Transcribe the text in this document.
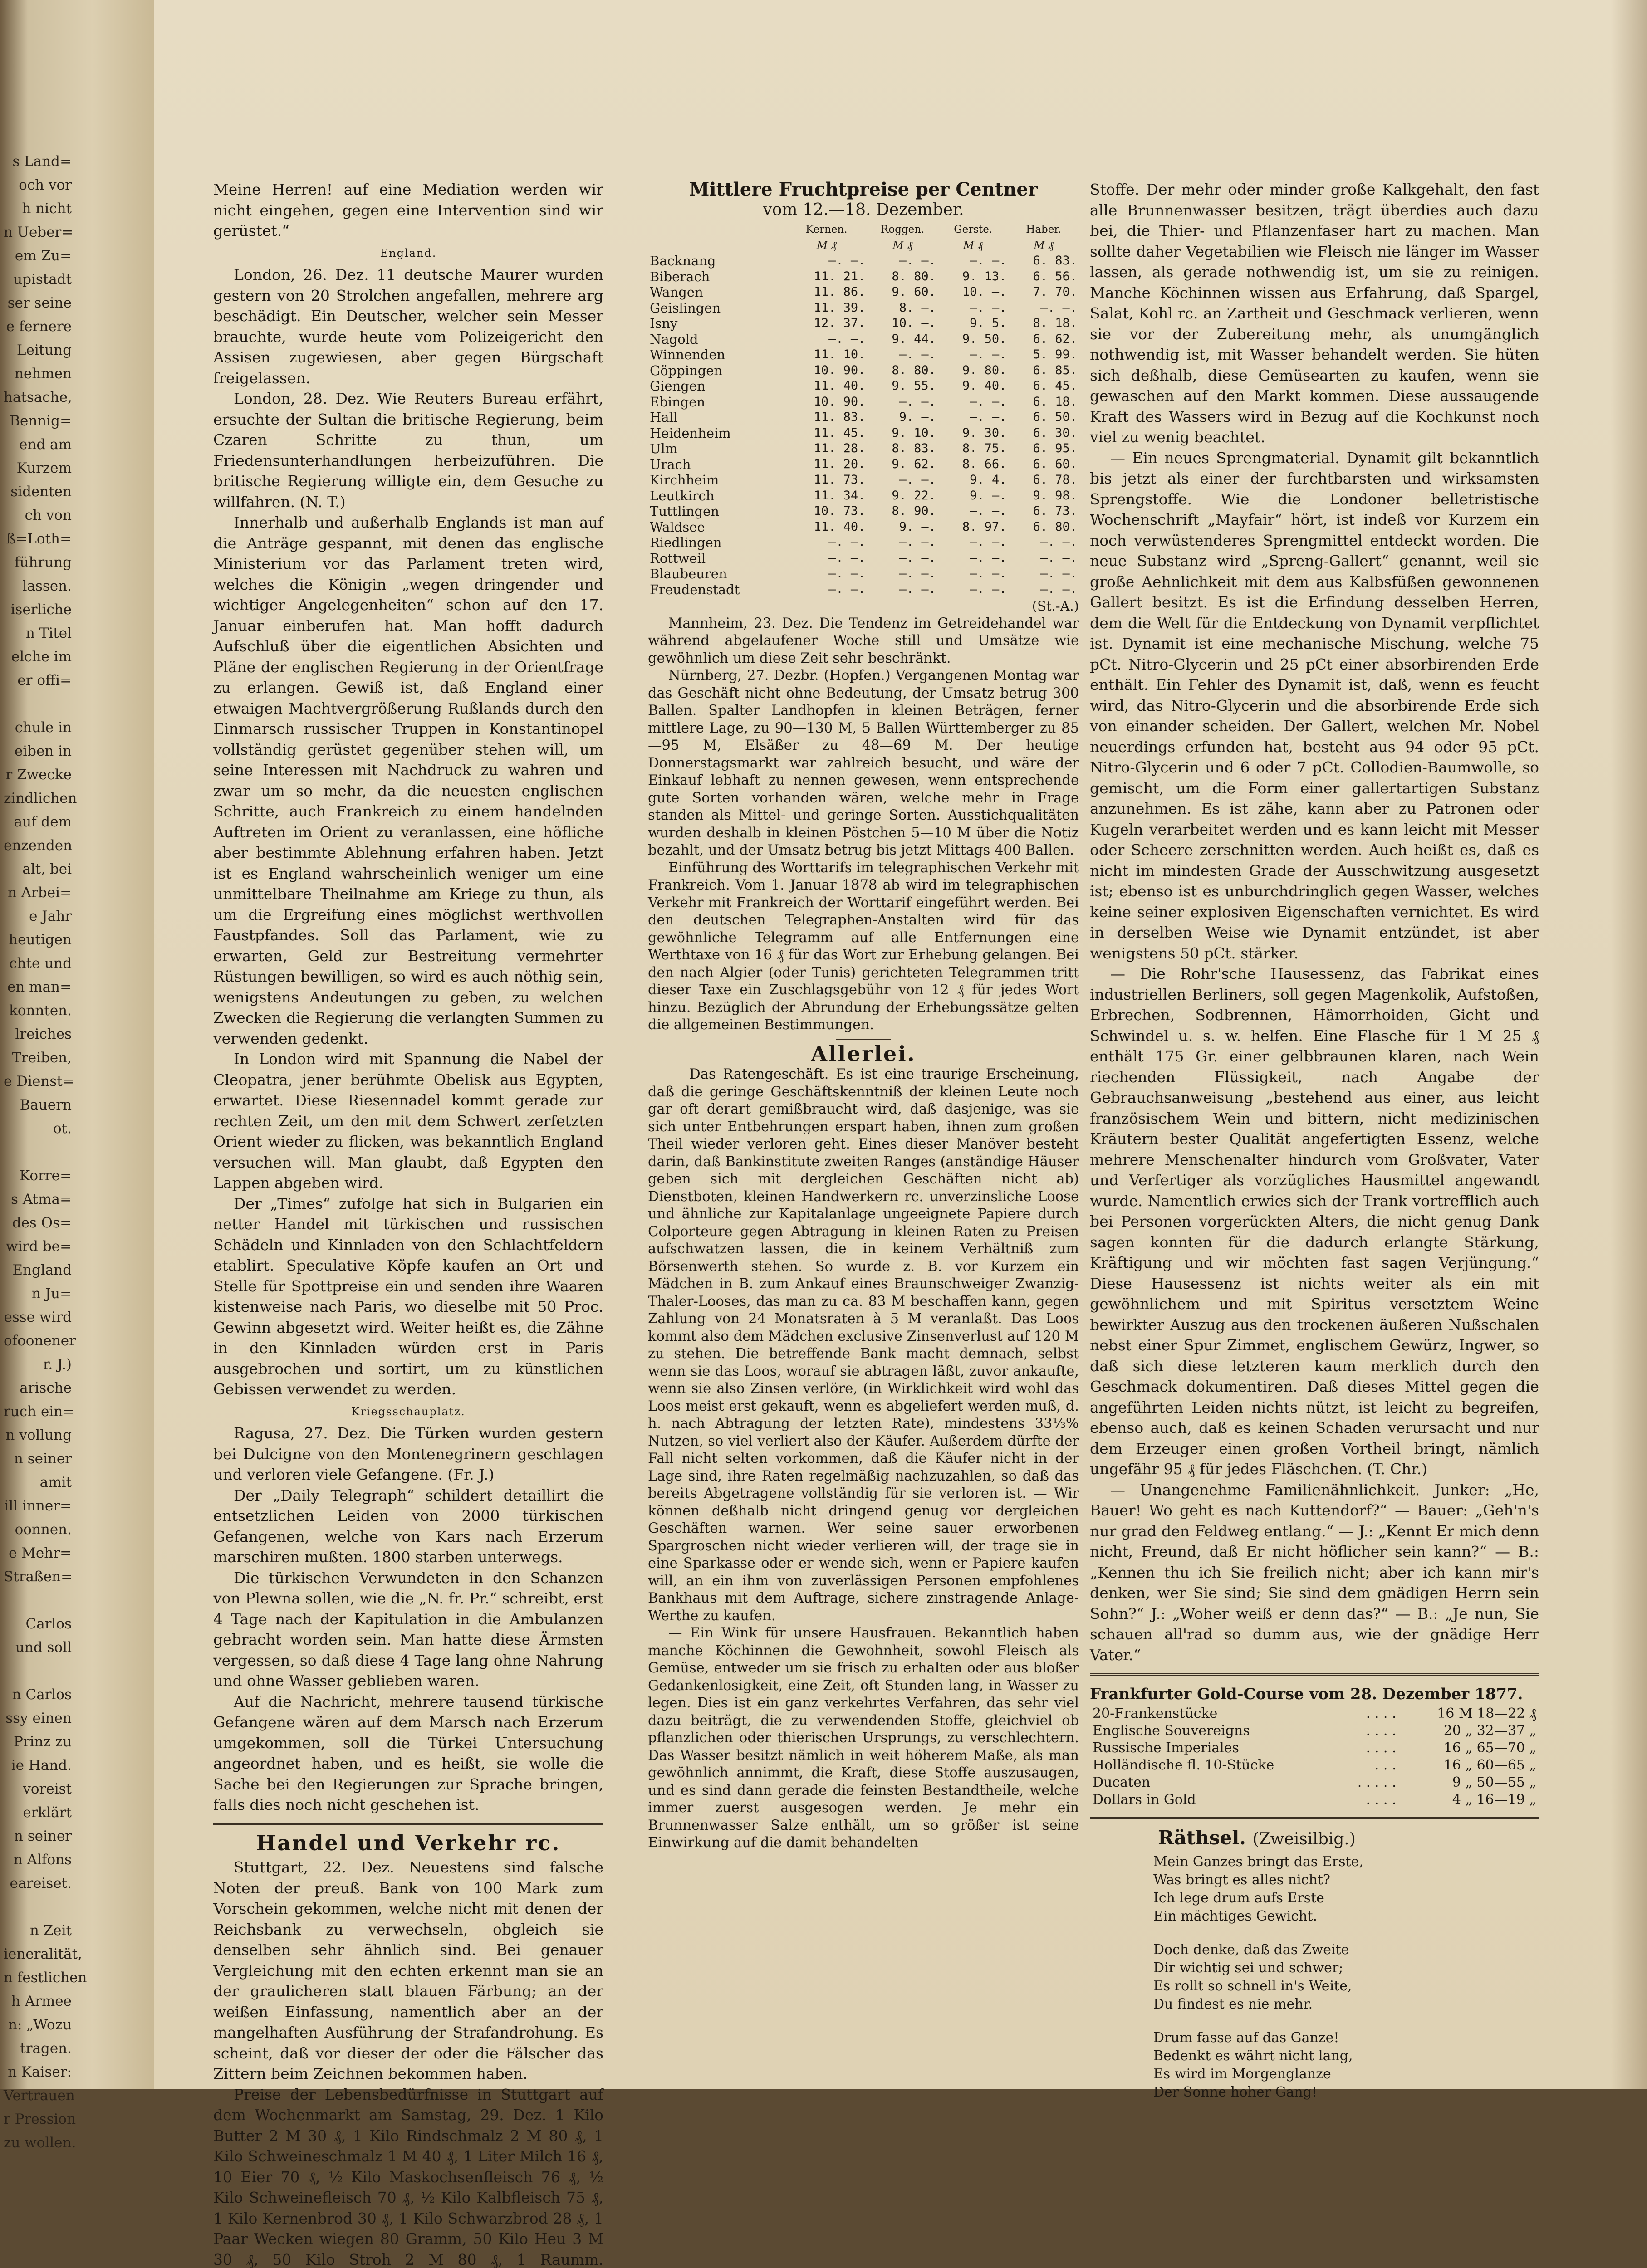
s Land=
och vor
h nicht
n Ueber=
em Zu=
upistadt
ser seine
e fernere
Leitung
nehmen
hatsache,
Bennig=
end am
Kurzem
sidenten
ch von
ß=Loth=
führung
lassen.
iserliche
n Titel
elche im
er offi=

chule in
eiben in
r Zwecke
zindlichen
auf dem
enzenden
alt, bei
n Arbei=
e Jahr
heutigen
chte und
en man=
konnten.
lreiches
Treiben,
e Dienst=
Bauern
ot.

Korre=
s Atma=
des Os=
wird be=
England
n Ju=
esse wird
ofoonener
r. J.)
arische
ruch ein=
n vollung
n seiner
amit
ill inner=
oonnen.
e Mehr=
Straßen=

Carlos
und soll

n Carlos
ssy einen
Prinz zu
ie Hand.
voreist
erklärt
n seiner
n Alfons
eareiset.

n Zeit
ieneralität,
n festlichen
h Armee
n: „Wozu
tragen.
n Kaiser:
Vertrauen
r Pression
zu wollen.

Meine Herren! auf eine Mediation werden wir nicht eingehen, gegen eine Intervention sind wir gerüstet.“

England.

London, 26. Dez. 11 deutsche Maurer wurden gestern von 20 Strolchen angefallen, mehrere arg beschädigt. Ein Deutscher, welcher sein Messer brauchte, wurde heute vom Polizeigericht den Assisen zugewiesen, aber gegen Bürgschaft freigelassen.

London, 28. Dez. Wie Reuters Bureau erfährt, ersuchte der Sultan die britische Regierung, beim Czaren Schritte zu thun, um Friedensunterhandlungen herbeizuführen. Die britische Regierung willigte ein, dem Gesuche zu willfahren. (N. T.)

Innerhalb und außerhalb Englands ist man auf die Anträge gespannt, mit denen das englische Ministerium vor das Parlament treten wird, welches die Königin „wegen dringender und wichtiger Angelegenheiten“ schon auf den 17. Januar einberufen hat. Man hofft dadurch Aufschluß über die eigentlichen Absichten und Pläne der englischen Regierung in der Orientfrage zu erlangen. Gewiß ist, daß England einer etwaigen Machtvergrößerung Rußlands durch den Einmarsch russischer Truppen in Konstantinopel vollständig gerüstet gegenüber stehen will, um seine Interessen mit Nachdruck zu wahren und zwar um so mehr, da die neuesten englischen Schritte, auch Frankreich zu einem handelnden Auftreten im Orient zu veranlassen, eine höfliche aber bestimmte Ablehnung erfahren haben. Jetzt ist es England wahrscheinlich weniger um eine unmittelbare Theilnahme am Kriege zu thun, als um die Ergreifung eines möglichst werthvollen Faustpfandes. Soll das Parlament, wie zu erwarten, Geld zur Bestreitung vermehrter Rüstungen bewilligen, so wird es auch nöthig sein, wenigstens Andeutungen zu geben, zu welchen Zwecken die Regierung die verlangten Summen zu verwenden gedenkt.

In London wird mit Spannung die Nabel der Cleopatra, jener berühmte Obelisk aus Egypten, erwartet. Diese Riesennadel kommt gerade zur rechten Zeit, um den mit dem Schwert zerfetzten Orient wieder zu flicken, was bekanntlich England versuchen will. Man glaubt, daß Egypten den Lappen abgeben wird.

Der „Times“ zufolge hat sich in Bulgarien ein netter Handel mit türkischen und russischen Schädeln und Kinnladen von den Schlachtfeldern etablirt. Speculative Köpfe kaufen an Ort und Stelle für Spottpreise ein und senden ihre Waaren kistenweise nach Paris, wo dieselbe mit 50 Proc. Gewinn abgesetzt wird. Weiter heißt es, die Zähne in den Kinnladen würden erst in Paris ausgebrochen und sortirt, um zu künstlichen Gebissen verwendet zu werden.

Kriegsschauplatz.

Ragusa, 27. Dez. Die Türken wurden gestern bei Dulcigne von den Montenegrinern geschlagen und verloren viele Gefangene. (Fr. J.)

Der „Daily Telegraph“ schildert detaillirt die entsetzlichen Leiden von 2000 türkischen Gefangenen, welche von Kars nach Erzerum marschiren mußten. 1800 starben unterwegs.

Die türkischen Verwundeten in den Schanzen von Plewna sollen, wie die „N. fr. Pr.“ schreibt, erst 4 Tage nach der Kapitulation in die Ambulanzen gebracht worden sein. Man hatte diese Ärmsten vergessen, so daß diese 4 Tage lang ohne Nahrung und ohne Wasser geblieben waren.

Auf die Nachricht, mehrere tausend türkische Gefangene wären auf dem Marsch nach Erzerum umgekommen, soll die Türkei Untersuchung angeordnet haben, und es heißt, sie wolle die Sache bei den Regierungen zur Sprache bringen, falls dies noch nicht geschehen ist.

Handel und Verkehr rc.

Stuttgart, 22. Dez. Neuestens sind falsche Noten der preuß. Bank von 100 Mark zum Vorschein gekommen, welche nicht mit denen der Reichsbank zu verwechseln, obgleich sie denselben sehr ähnlich sind. Bei genauer Vergleichung mit den echten erkennt man sie an der graulicheren statt blauen Färbung; an der weißen Einfassung, namentlich aber an der mangelhaften Ausführung der Strafandrohung. Es scheint, daß vor dieser der oder die Fälscher das Zittern beim Zeichnen bekommen haben.

Preise der Lebensbedürfnisse in Stuttgart auf dem Wochenmarkt am Samstag, 29. Dez. 1 Kilo Butter 2 M 30 ₰, 1 Kilo Rindschmalz 2 M 80 ₰, 1 Kilo Schweineschmalz 1 M 40 ₰, 1 Liter Milch 16 ₰, 10 Eier 70 ₰, ½ Kilo Maskochsenfleisch 76 ₰, ½ Kilo Schweinefleisch 70 ₰, ½ Kilo Kalbfleisch 75 ₰, 1 Kilo Kernenbrod 30 ₰, 1 Kilo Schwarzbrod 28 ₰, 1 Paar Wecken wiegen 80 Gramm, 50 Kilo Heu 3 M 30 ₰, 50 Kilo Stroh 2 M 80 ₰, 1 Raumm.

Mittlere Fruchtpreise per Centner
vom 12.—18. Dezember.
	Kernen.	Roggen.	Gerste.	Haber.
	M ₰	M ₰	M ₰	M ₰
Backnang	—. —.	—. —.	—. —.	6. 83.
Biberach	11. 21.	8. 80.	9. 13.	6. 56.
Wangen	11. 86.	9. 60.	10. —.	7. 70.
Geislingen	11. 39.	8. —.	—. —.	—. —.
Isny	12. 37.	10. —.	9. 5.	8. 18.
Nagold	—. —.	9. 44.	9. 50.	6. 62.
Winnenden	11. 10.	—. —.	—. —.	5. 99.
Göppingen	10. 90.	8. 80.	9. 80.	6. 85.
Giengen	11. 40.	9. 55.	9. 40.	6. 45.
Ebingen	10. 90.	—. —.	—. —.	6. 18.
Hall	11. 83.	9. —.	—. —.	6. 50.
Heidenheim	11. 45.	9. 10.	9. 30.	6. 30.
Ulm	11. 28.	8. 83.	8. 75.	6. 95.
Urach	11. 20.	9. 62.	8. 66.	6. 60.
Kirchheim	11. 73.	—. —.	9. 4.	6. 78.
Leutkirch	11. 34.	9. 22.	9. —.	9. 98.
Tuttlingen	10. 73.	8. 90.	—. —.	6. 73.
Waldsee	11. 40.	9. —.	8. 97.	6. 80.
Riedlingen	—. —.	—. —.	—. —.	—. —.
Rottweil	—. —.	—. —.	—. —.	—. —.
Blaubeuren	—. —.	—. —.	—. —.	—. —.
Freudenstadt	—. —.	—. —.	—. —.	—. —.
(St.-A.)

Mannheim, 23. Dez. Die Tendenz im Getreidehandel war während abgelaufener Woche still und Umsätze wie gewöhnlich um diese Zeit sehr beschränkt.

Nürnberg, 27. Dezbr. (Hopfen.) Vergangenen Montag war das Geschäft nicht ohne Bedeutung, der Umsatz betrug 300 Ballen. Spalter Landhopfen in kleinen Beträgen, ferner mittlere Lage, zu 90—130 M, 5 Ballen Württemberger zu 85—95 M, Elsäßer zu 48—69 M. Der heutige Donnerstagsmarkt war zahlreich besucht, und wäre der Einkauf lebhaft zu nennen gewesen, wenn entsprechende gute Sorten vorhanden wären, welche mehr in Frage standen als Mittel- und geringe Sorten. Ausstichqualitäten wurden deshalb in kleinen Pöstchen 5—10 M über die Notiz bezahlt, und der Umsatz betrug bis jetzt Mittags 400 Ballen.

Einführung des Worttarifs im telegraphischen Verkehr mit Frankreich. Vom 1. Januar 1878 ab wird im telegraphischen Verkehr mit Frankreich der Worttarif eingeführt werden. Bei den deutschen Telegraphen-Anstalten wird für das gewöhnliche Telegramm auf alle Entfernungen eine Werthtaxe von 16 ₰ für das Wort zur Erhebung gelangen. Bei den nach Algier (oder Tunis) gerichteten Telegrammen tritt dieser Taxe ein Zuschlagsgebühr von 12 ₰ für jedes Wort hinzu. Bezüglich der Abrundung der Erhebungssätze gelten die allgemeinen Bestimmungen.

Allerlei.

— Das Ratengeschäft. Es ist eine traurige Erscheinung, daß die geringe Geschäftskenntniß der kleinen Leute noch gar oft derart gemißbraucht wird, daß dasjenige, was sie sich unter Entbehrungen erspart haben, ihnen zum großen Theil wieder verloren geht. Eines dieser Manöver besteht darin, daß Bankinstitute zweiten Ranges (anständige Häuser geben sich mit dergleichen Geschäften nicht ab) Dienstboten, kleinen Handwerkern rc. unverzinsliche Loose und ähnliche zur Kapitalanlage ungeeignete Papiere durch Colporteure gegen Abtragung in kleinen Raten zu Preisen aufschwatzen lassen, die in keinem Verhältniß zum Börsenwerth stehen. So wurde z. B. vor Kurzem ein Mädchen in B. zum Ankauf eines Braunschweiger Zwanzig-Thaler-Looses, das man zu ca. 83 M beschaffen kann, gegen Zahlung von 24 Monatsraten à 5 M veranlaßt. Das Loos kommt also dem Mädchen exclusive Zinsenverlust auf 120 M zu stehen. Die betreffende Bank macht demnach, selbst wenn sie das Loos, worauf sie abtragen läßt, zuvor ankaufte, wenn sie also Zinsen verlöre, (in Wirklichkeit wird wohl das Loos meist erst gekauft, wenn es abgeliefert werden muß, d. h. nach Abtragung der letzten Rate), mindestens 33⅓% Nutzen, so viel verliert also der Käufer. Außerdem dürfte der Fall nicht selten vorkommen, daß die Käufer nicht in der Lage sind, ihre Raten regelmäßig nachzuzahlen, so daß das bereits Abgetragene vollständig für sie verloren ist. — Wir können deßhalb nicht dringend genug vor dergleichen Geschäften warnen. Wer seine sauer erworbenen Spargroschen nicht wieder verlieren will, der trage sie in eine Sparkasse oder er wende sich, wenn er Papiere kaufen will, an ein ihm von zuverlässigen Personen empfohlenes Bankhaus mit dem Auftrage, sichere zinstragende Anlage-Werthe zu kaufen.

— Ein Wink für unsere Hausfrauen. Bekanntlich haben manche Köchinnen die Gewohnheit, sowohl Fleisch als Gemüse, entweder um sie frisch zu erhalten oder aus bloßer Gedankenlosigkeit, eine Zeit, oft Stunden lang, in Wasser zu legen. Dies ist ein ganz verkehrtes Verfahren, das sehr viel dazu beiträgt, die zu verwendenden Stoffe, gleichviel ob pflanzlichen oder thierischen Ursprungs, zu verschlechtern. Das Wasser besitzt nämlich in weit höherem Maße, als man gewöhnlich annimmt, die Kraft, diese Stoffe auszusaugen, und es sind dann gerade die feinsten Bestandtheile, welche immer zuerst ausgesogen werden. Je mehr ein Brunnenwasser Salze enthält, um so größer ist seine Einwirkung auf die damit behandelten

Stoffe. Der mehr oder minder große Kalkgehalt, den fast alle Brunnenwasser besitzen, trägt überdies auch dazu bei, die Thier- und Pflanzenfaser hart zu machen. Man sollte daher Vegetabilien wie Fleisch nie länger im Wasser lassen, als gerade nothwendig ist, um sie zu reinigen. Manche Köchinnen wissen aus Erfahrung, daß Spargel, Salat, Kohl rc. an Zartheit und Geschmack verlieren, wenn sie vor der Zubereitung mehr, als unumgänglich nothwendig ist, mit Wasser behandelt werden. Sie hüten sich deßhalb, diese Gemüsearten zu kaufen, wenn sie gewaschen auf den Markt kommen. Diese aussaugende Kraft des Wassers wird in Bezug auf die Kochkunst noch viel zu wenig beachtet.

— Ein neues Sprengmaterial. Dynamit gilt bekanntlich bis jetzt als einer der furchtbarsten und wirksamsten Sprengstoffe. Wie die Londoner belletristische Wochenschrift „Mayfair“ hört, ist indeß vor Kurzem ein noch verwüstenderes Sprengmittel entdeckt worden. Die neue Substanz wird „Spreng-Gallert“ genannt, weil sie große Aehnlichkeit mit dem aus Kalbsfüßen gewonnenen Gallert besitzt. Es ist die Erfindung desselben Herren, dem die Welt für die Entdeckung von Dynamit verpflichtet ist. Dynamit ist eine mechanische Mischung, welche 75 pCt. Nitro-Glycerin und 25 pCt einer absorbirenden Erde enthält. Ein Fehler des Dynamit ist, daß, wenn es feucht wird, das Nitro-Glycerin und die absorbirende Erde sich von einander scheiden. Der Gallert, welchen Mr. Nobel neuerdings erfunden hat, besteht aus 94 oder 95 pCt. Nitro-Glycerin und 6 oder 7 pCt. Collodien-Baumwolle, so gemischt, um die Form einer gallertartigen Substanz anzunehmen. Es ist zähe, kann aber zu Patronen oder Kugeln verarbeitet werden und es kann leicht mit Messer oder Scheere zerschnitten werden. Auch heißt es, daß es nicht im mindesten Grade der Ausschwitzung ausgesetzt ist; ebenso ist es unburchdringlich gegen Wasser, welches keine seiner explosiven Eigenschaften vernichtet. Es wird in derselben Weise wie Dynamit entzündet, ist aber wenigstens 50 pCt. stärker.

— Die Rohr'sche Hausessenz, das Fabrikat eines industriellen Berliners, soll gegen Magenkolik, Aufstoßen, Erbrechen, Sodbrennen, Hämorrhoiden, Gicht und Schwindel u. s. w. helfen. Eine Flasche für 1 M 25 ₰ enthält 175 Gr. einer gelbbraunen klaren, nach Wein riechenden Flüssigkeit, nach Angabe der Gebrauchsanweisung „bestehend aus einer, aus leicht französischem Wein und bittern, nicht medizinischen Kräutern bester Qualität angefertigten Essenz, welche mehrere Menschenalter hindurch vom Großvater, Vater und Verfertiger als vorzügliches Hausmittel angewandt wurde. Namentlich erwies sich der Trank vortrefflich auch bei Personen vorgerückten Alters, die nicht genug Dank sagen konnten für die dadurch erlangte Stärkung, Kräftigung und wir möchten fast sagen Verjüngung.“ Diese Hausessenz ist nichts weiter als ein mit gewöhnlichem und mit Spiritus versetztem Weine bewirkter Auszug aus den trockenen äußeren Nußschalen nebst einer Spur Zimmet, englischem Gewürz, Ingwer, so daß sich diese letzteren kaum merklich durch den Geschmack dokumentiren. Daß dieses Mittel gegen die angeführten Leiden nichts nützt, ist leicht zu begreifen, ebenso auch, daß es keinen Schaden verursacht und nur dem Erzeuger einen großen Vortheil bringt, nämlich ungefähr 95 ₰ für jedes Fläschchen. (T. Chr.)

— Unangenehme Familienähnlichkeit. Junker: „He, Bauer! Wo geht es nach Kuttendorf?“ — Bauer: „Geh'n's nur grad den Feldweg entlang.“ — J.: „Kennt Er mich denn nicht, Freund, daß Er nicht höflicher sein kann?“ — B.: „Kennen thu ich Sie freilich nicht; aber ich kann mir's denken, wer Sie sind; Sie sind dem gnädigen Herrn sein Sohn?“ J.: „Woher weiß er denn das?“ — B.: „Je nun, Sie schauen all'rad so dumm aus, wie der gnädige Herr Vater.“

Frankfurter Gold-Course vom 28. Dezember 1877.
20-Frankenstücke	. . . .	16 M 18—22 ₰
Englische Souvereigns	. . . .	20 „ 32—37 „
Russische Imperiales	. . . .	16 „ 65—70 „
Holländische fl. 10-Stücke	. . .	16 „ 60—65 „
Ducaten	. . . . .	9 „ 50—55 „
Dollars in Gold	. . . .	4 „ 16—19 „
Räthsel. (Zweisilbig.)
Mein Ganzes bringt das Erste,
Was bringt es alles nicht?
Ich lege drum aufs Erste
Ein mächtiges Gewicht.
Doch denke, daß das Zweite
Dir wichtig sei und schwer;
Es rollt so schnell in's Weite,
Du findest es nie mehr.
Drum fasse auf das Ganze!
Bedenkt es währt nicht lang,
Es wird im Morgenglanze
Der Sonne hoher Gang!
